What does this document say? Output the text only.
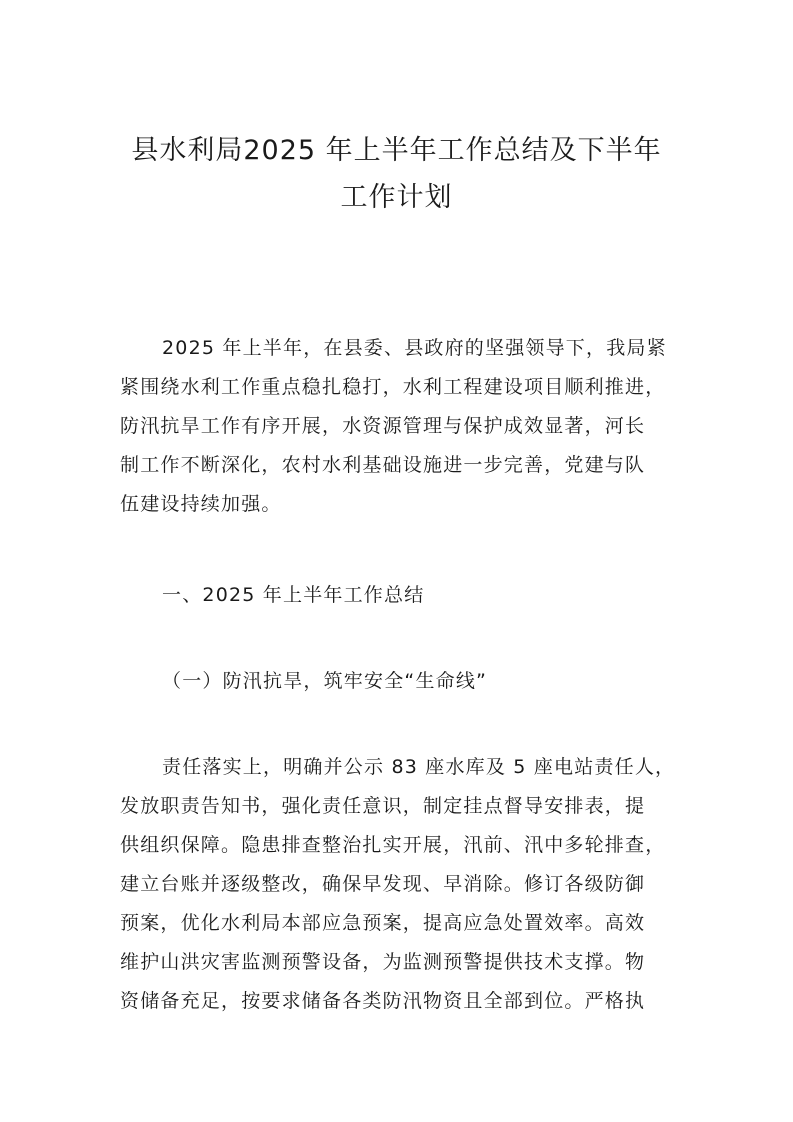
县水利局2025 年上半年工作总结及下半年
工作计划

2025 年上半年，在县委、县政府的坚强领导下，我局紧

紧围绕水利工作重点稳扎稳打，水利工程建设项目顺利推进，

防汛抗旱工作有序开展，水资源管理与保护成效显著，河长

制工作不断深化，农村水利基础设施进一步完善，党建与队

伍建设持续加强。

一、2025 年上半年工作总结

（一）防汛抗旱，筑牢安全“生命线”

责任落实上，明确并公示 83 座水库及 5 座电站责任人，

发放职责告知书，强化责任意识，制定挂点督导安排表，提

供组织保障。隐患排查整治扎实开展，汛前、汛中多轮排查，

建立台账并逐级整改，确保早发现、早消除。修订各级防御

预案，优化水利局本部应急预案，提高应急处置效率。高效

维护山洪灾害监测预警设备，为监测预警提供技术支撑。物

资储备充足，按要求储备各类防汛物资且全部到位。严格执
